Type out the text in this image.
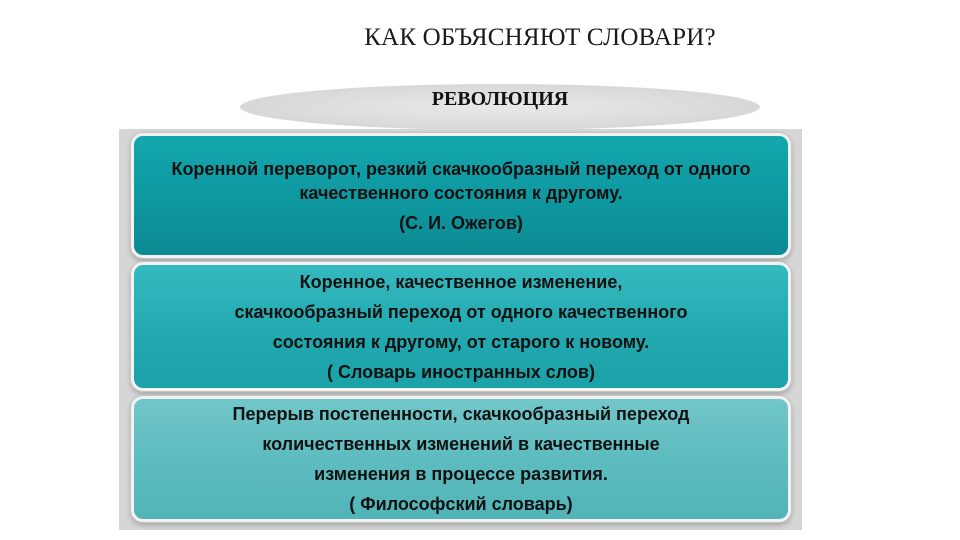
КАК ОБЪЯСНЯЮТ СЛОВАРИ?
РЕВОЛЮЦИЯ
Коренной переворот, резкий скачкообразный переход от одного
качественного состояния к другому.
(С. И. Ожегов)
Коренное, качественное изменение,
скачкообразный переход от одного качественного
состояния к другому, от старого к новому.
( Словарь иностранных слов)
Перерыв постепенности, скачкообразный переход
количественных изменений в качественные
изменения в процессе развития.
( Философский словарь)
